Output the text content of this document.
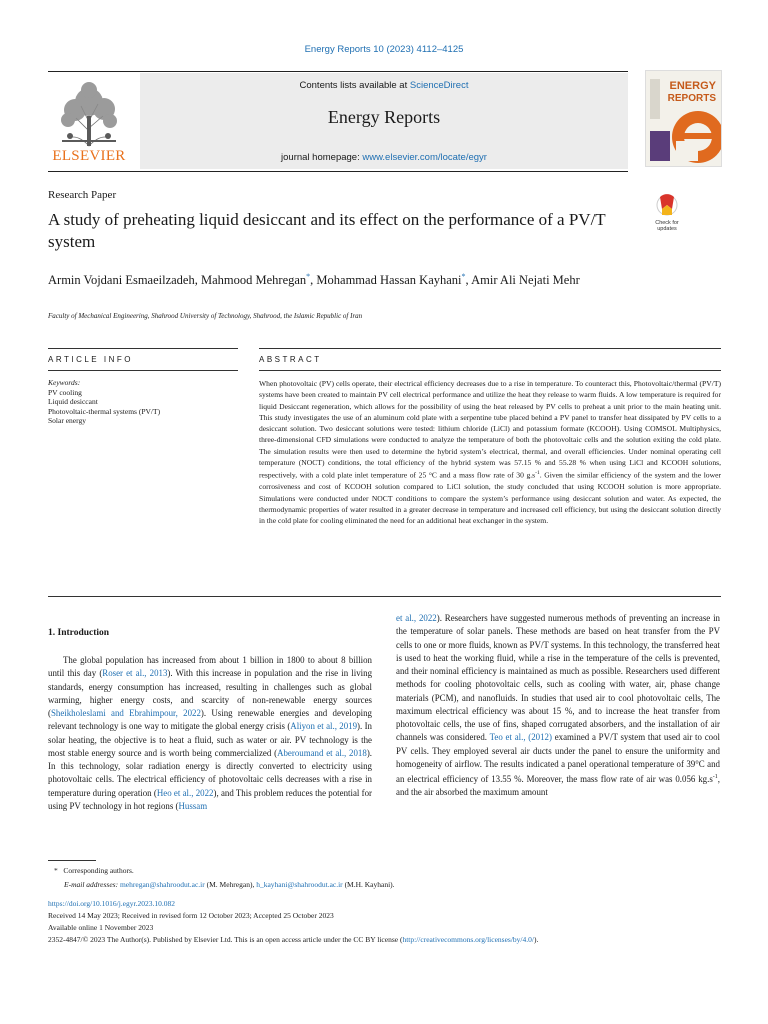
Energy Reports 10 (2023) 4112–4125
Contents lists available at ScienceDirect
Energy Reports
journal homepage: www.elsevier.com/locate/egyr
ELSEVIER
ENERGY
REPORTS
Research Paper
A study of preheating liquid desiccant and its effect on the performance of a PV/T system
Check for
updates
Armin Vojdani Esmaeilzadeh, Mahmood Mehregan*, Mohammad Hassan Kayhani*, Amir Ali Nejati Mehr
Faculty of Mechanical Engineering, Shahrood University of Technology, Shahrood, the Islamic Republic of Iran
ARTICLE INFO	ABSTRACT
Keywords:
PV cooling
Liquid desiccant
Photovoltaic-thermal systems (PV/T)
Solar energy
When photovoltaic (PV) cells operate, their electrical efficiency decreases due to a rise in temperature. To counteract this, Photovoltaic/thermal (PV/T) systems have been created to maintain PV cell electrical performance and utilize the heat they release to warm fluids. A low temperature is required for liquid Desiccant regeneration, which allows for the possibility of using the heat released by PV cells to preheat a unit prior to the main heating unit. This study investigates the use of an aluminum cold plate with a serpentine tube placed behind a PV panel to transfer heat dissipated by PV cells to a desiccant solution. Two desiccant solutions were tested: lithium chloride (LiCl) and potassium formate (KCOOH). Using COMSOL Multiphysics, three-dimensional CFD simulations were conducted to analyze the temperature of both the photovoltaic cells and the solution exiting the cold plate. The simulation results were then used to determine the hybrid system’s electrical, thermal, and overall efficiencies. Under nominal operating cell temperature (NOCT) conditions, the total efficiency of the hybrid system was 57.15 % and 55.28 % when using LiCl and KCOOH solutions, respectively, with a cold plate inlet temperature of 25 °C and a mass flow rate of 30 $g.s^{-1}$. Given the similar efficiency of the system and the lower corrosiveness and cost of KCOOH solution compared to LiCl solution, the study concluded that using KCOOH solution is more appropriate. Simulations were conducted under NOCT conditions to compare the system’s performance using desiccant solution and water. As expected, the thermodynamic properties of water resulted in a greater decrease in temperature and increased cell efficiency, but using the desiccant solution directly in the cold plate for cooling eliminated the need for an additional heat exchanger in the system.
1. Introduction

The global population has increased from about 1 billion in 1800 to about 8 billion until this day (Roser et al., 2013). With this increase in population and the rise in living standards, energy consumption has increased, resulting in challenges such as global warming, higher energy costs, and scarcity of non-renewable energy sources (Sheikholeslami and Ebrahimpour, 2022). Using renewable energies and developing relevant technology is one way to mitigate the global energy crisis (Aliyon et al., 2019). In solar heating, the objective is to heat a fluid, such as water or air. PV technology is the most stable energy source and is worth being commercialized (Aberoumand et al., 2018). In this technology, solar radiation energy is directly converted to electricity using photovoltaic cells. The electrical efficiency of photovoltaic cells decreases with a rise in temperature during operation (Heo et al., 2022), and This problem reduces the potential for using PV technology in hot regions (Hussam

et al., 2022). Researchers have suggested numerous methods of preventing an increase in the temperature of solar panels. These methods are based on heat transfer from the PV cells to one or more fluids, known as PV/T systems. In this technology, the transferred heat is used to heat the working fluid, while a rise in the temperature of the cells is prevented, and their nominal efficiency is maintained as much as possible. Researchers used different methods for cooling photovoltaic cells, such as cooling with water, air, phase change materials (PCM), and nanofluids. In studies that used air to cool photovoltaic cells, The maximum electrical efficiency was about 15 %, and to increase the heat transfer from photovoltaic cells, the use of fins, shaped corrugated absorbers, and the installation of air channels was considered. Teo et al., (2012) examined a PV/T system that used air to cool PV cells. They employed several air ducts under the panel to ensure the uniformity and homogeneity of airflow. The results indicated a panel operational temperature of 39°C and an electrical efficiency of 13.55 %. Moreover, the mass flow rate of air was 0.056 $kg.s^{-1}$, and the air absorbed the maximum amount

*   Corresponding authors.
E-mail addresses: mehregan@shahroodut.ac.ir (M. Mehregan), h_kayhani@shahroodut.ac.ir (M.H. Kayhani).
https://doi.org/10.1016/j.egyr.2023.10.082
Received 14 May 2023; Received in revised form 12 October 2023; Accepted 25 October 2023
Available online 1 November 2023
2352-4847/© 2023 The Author(s). Published by Elsevier Ltd. This is an open access article under the CC BY license (http://creativecommons.org/licenses/by/4.0/).
